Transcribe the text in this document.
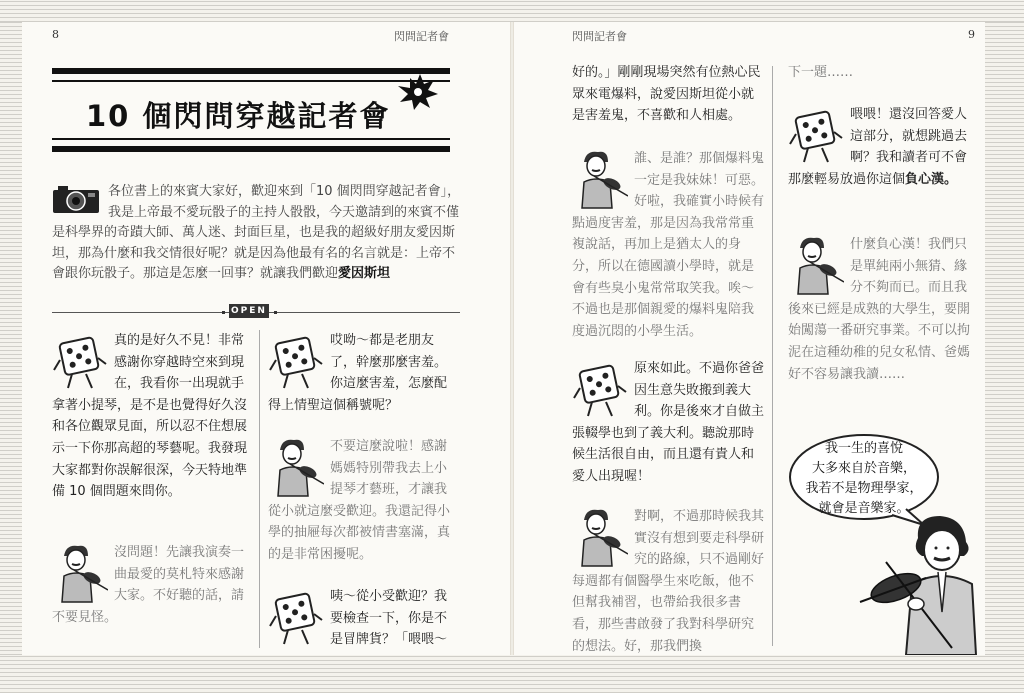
8	閃問記者會	閃問記者會	9
10 個閃問穿越記者會
各位書上的來賓大家好，歡迎來到「10 個閃問穿越記者會」，我是上帝最不愛玩骰子的主持人骰骰，今天邀請到的來賓不僅是科學界的奇蹟大師、萬人迷、封面巨星，也是我的超級好朋友愛因斯坦，那為什麼和我交情很好呢？就是因為他最有名的名言就是：上帝不會跟你玩骰子。那這是怎麼一回事？就讓我們歡迎愛因斯坦
OPEN
真的是好久不見！非常感謝你穿越時空來到現在，我看你一出現就手拿著小提琴，是不是也覺得好久沒和各位觀眾見面，所以忍不住想展示一下你那高超的琴藝呢。我發現大家都對你誤解很深，今天特地準備 10 個問題來問你。
沒問題！先讓我演奏一曲最愛的莫札特來感謝大家。不好聽的話，請不要見怪。
哎呦～都是老朋友了，幹麼那麼害羞。你這麼害羞，怎麼配得上情聖這個稱號呢？
不要這麼說啦！感謝媽媽特別帶我去上小提琴才藝班，才讓我從小就這麼受歡迎。我還記得小學的抽屜每次都被情書塞滿，真的是非常困擾呢。
咦～從小受歡迎？我要檢查一下，你是不是冒牌貨？「喂喂～
好的。」剛剛現場突然有位熱心民眾來電爆料，說愛因斯坦從小就是害羞鬼，不喜歡和人相處。
誰、是誰？那個爆料鬼一定是我妹妹！可惡。好啦，我確實小時候有點過度害羞，那是因為我常常重複說話，再加上是猶太人的身分，所以在德國讀小學時，就是會有些臭小鬼常常取笑我。唉～不過也是那個親愛的爆料鬼陪我度過沉悶的小學生活。
原來如此。不過你爸爸因生意失敗搬到義大利。你是後來才自做主張輟學也到了義大利。聽說那時候生活很自由，而且還有貴人和愛人出現喔！
對啊，不過那時候我其實沒有想到要走科學研究的路線，只不過剛好每週都有個醫學生來吃飯，他不但幫我補習，也帶給我很多書看，那些書啟發了我對科學研究的想法。好，那我們換
下一題……
喂喂！還沒回答愛人這部分，就想跳過去啊？我和讀者可不會那麼輕易放過你這個負心漢。
什麼負心漢！我們只是單純兩小無猜、緣分不夠而已。而且我後來已經是成熟的大學生，要開始闖蕩一番研究事業。不可以拘泥在這種幼稚的兒女私情、爸媽好不容易讓我讀……
我一生的喜悅
大多來自於音樂，
我若不是物理學家，
就會是音樂家。
